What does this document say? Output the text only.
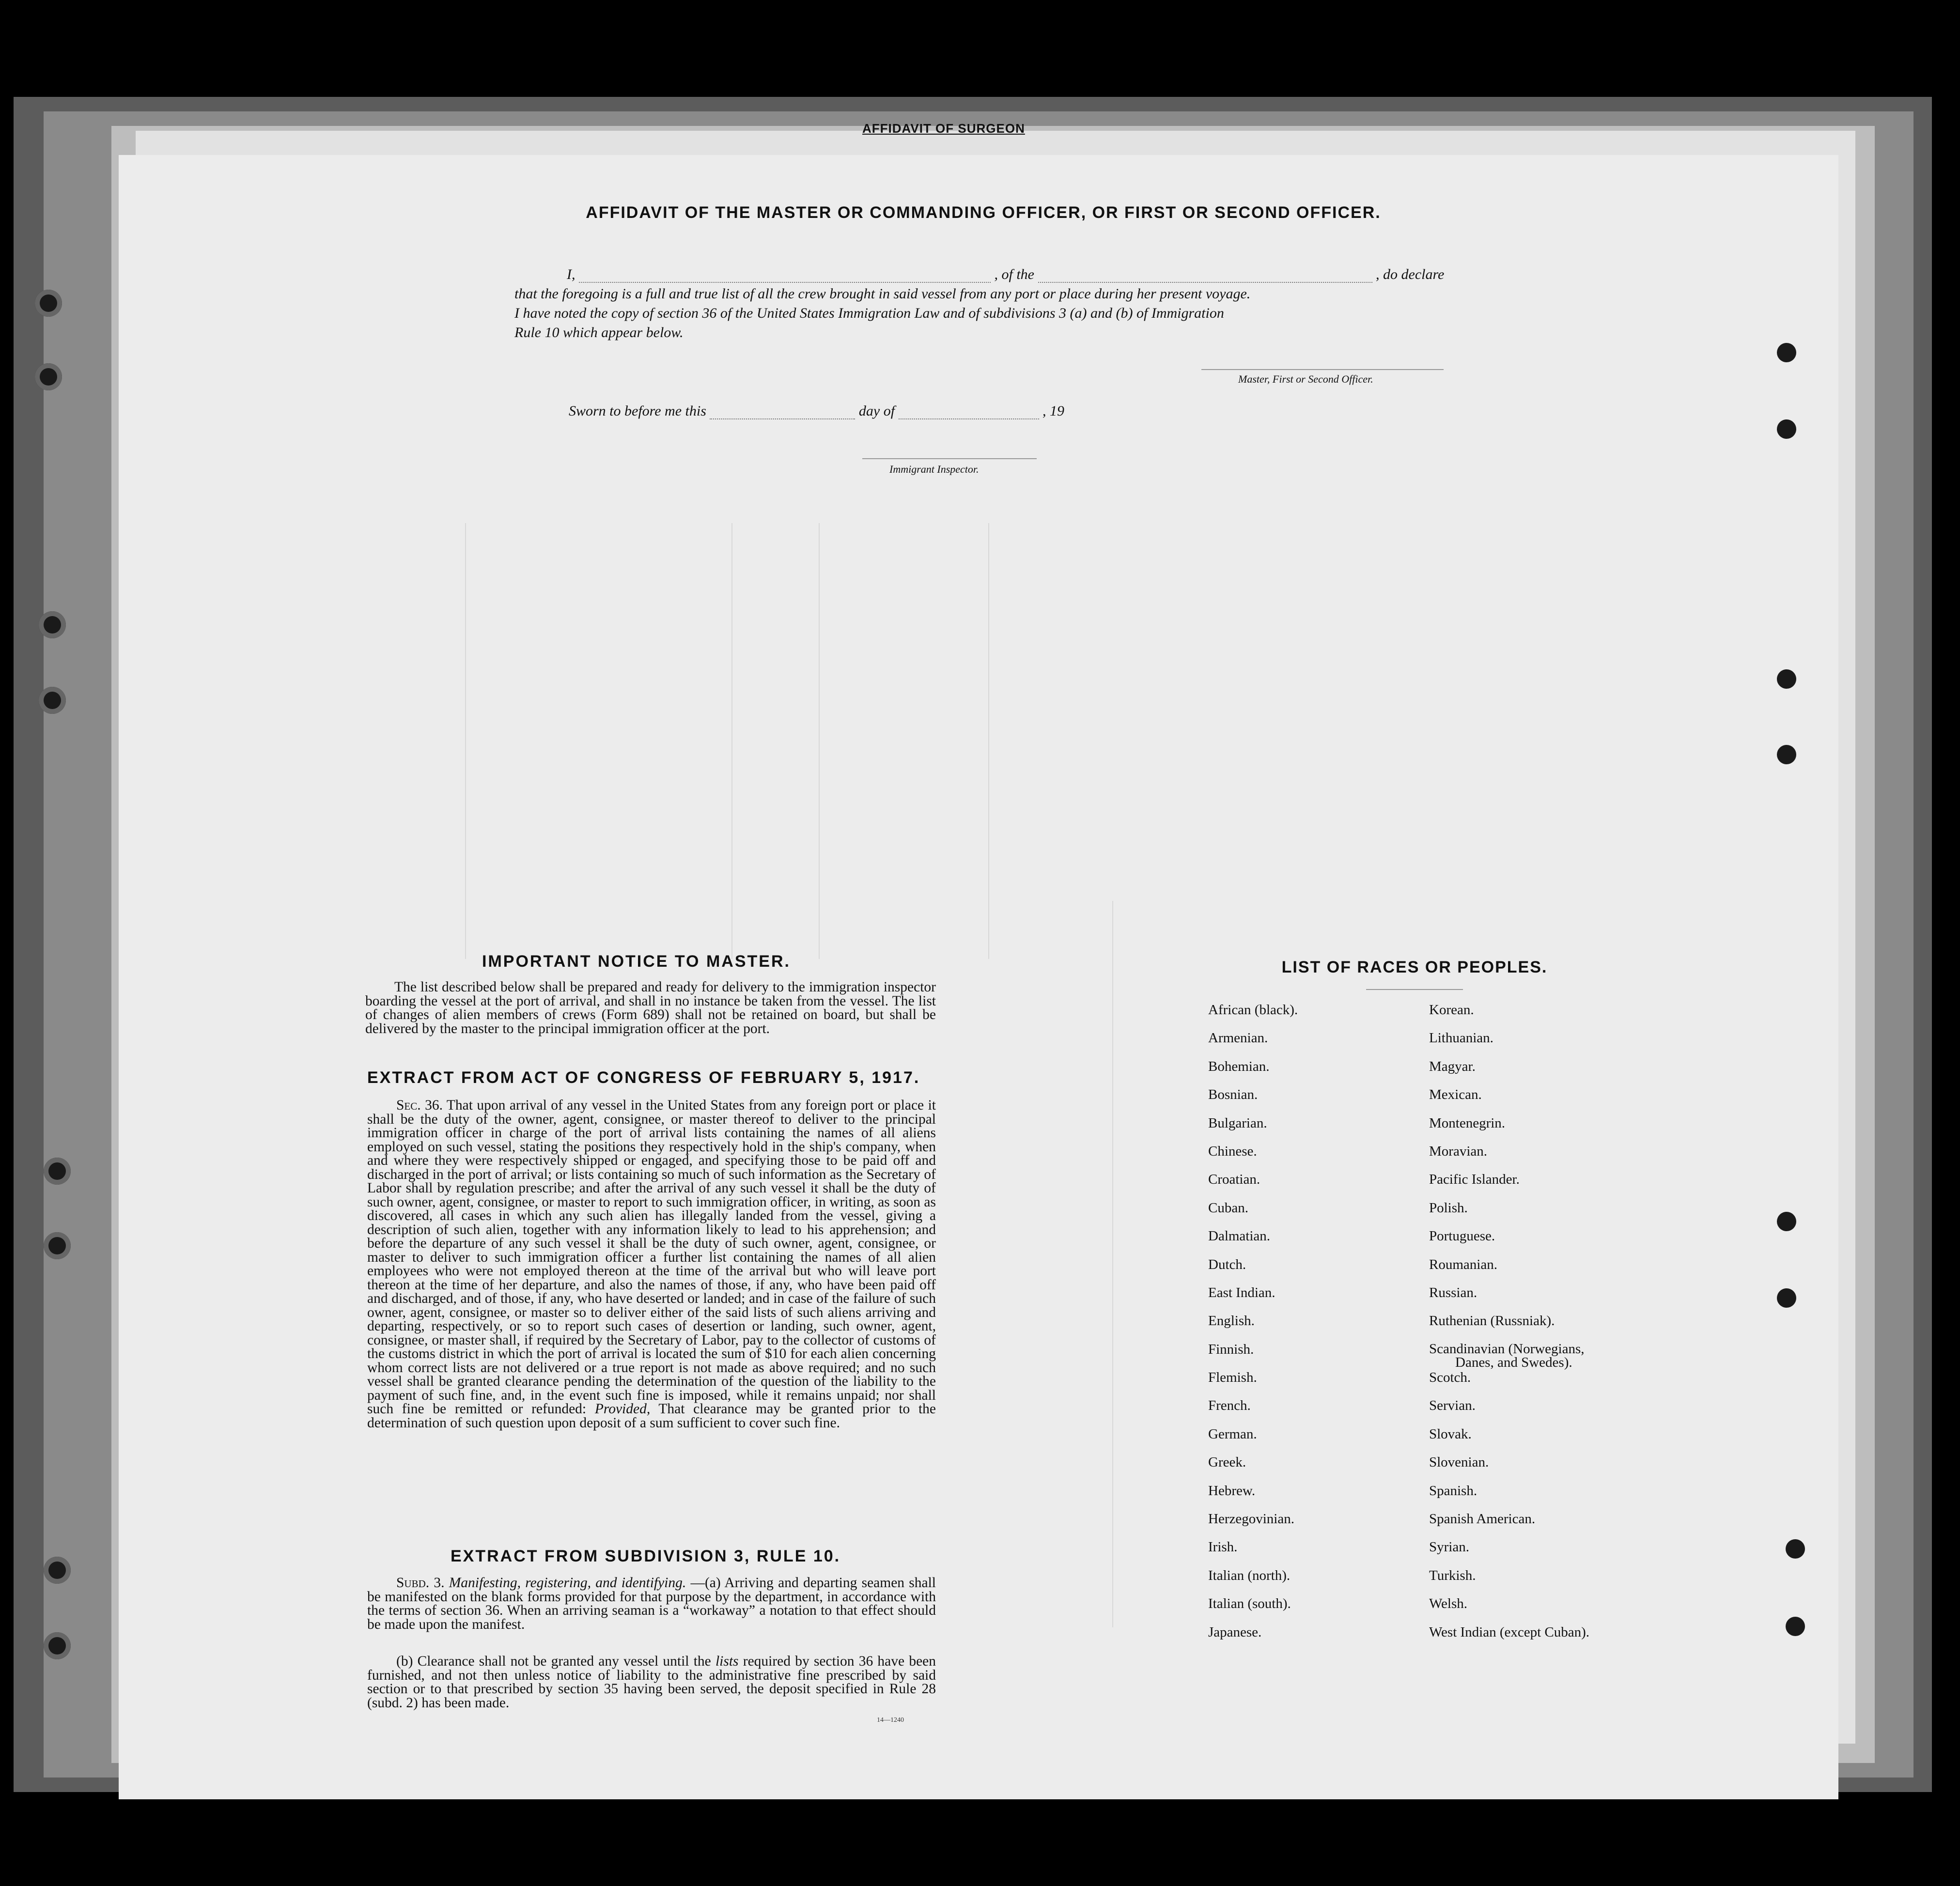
AFFIDAVIT OF SURGEON
AFFIDAVIT OF THE MASTER OR COMMANDING OFFICER, OR FIRST OR SECOND OFFICER.
I,	, of the	, do declare
that the foregoing is a full and true list of all the crew brought in said vessel from any port or place during her present voyage.
I have noted the copy of section 36 of the United States Immigration Law and of subdivisions 3 (a) and (b) of Immigration
Rule 10 which appear below.
Master, First or Second Officer.
Sworn to before me this	day of	, 19
Immigrant Inspector.
IMPORTANT NOTICE TO MASTER.
The list described below shall be prepared and ready for delivery to the immigration inspector boarding the vessel at the port of arrival, and shall in no instance be taken from the vessel. The list of changes of alien members of crews (Form 689) shall not be retained on board, but shall be delivered by the master to the principal immigration officer at the port.
EXTRACT FROM ACT OF CONGRESS OF FEBRUARY 5, 1917.
Sec. 36. That upon arrival of any vessel in the United States from any foreign port or place it shall be the duty of the owner, agent, consignee, or master thereof to deliver to the principal immigration officer in charge of the port of arrival lists containing the names of all aliens employed on such vessel, stating the positions they respectively hold in the ship's company, when and where they were respectively shipped or engaged, and specifying those to be paid off and discharged in the port of arrival; or lists containing so much of such information as the Secretary of Labor shall by regulation prescribe; and after the arrival of any such vessel it shall be the duty of such owner, agent, consignee, or master to report to such immigration officer, in writing, as soon as discovered, all cases in which any such alien has illegally landed from the vessel, giving a description of such alien, together with any information likely to lead to his apprehension; and before the departure of any such vessel it shall be the duty of such owner, agent, consignee, or master to deliver to such immigration officer a further list containing the names of all alien employees who were not employed thereon at the time of the arrival but who will leave port thereon at the time of her departure, and also the names of those, if any, who have been paid off and discharged, and of those, if any, who have deserted or landed; and in case of the failure of such owner, agent, consignee, or master so to deliver either of the said lists of such aliens arriving and departing, respectively, or so to report such cases of desertion or landing, such owner, agent, consignee, or master shall, if required by the Secretary of Labor, pay to the collector of customs of the customs district in which the port of arrival is located the sum of $10 for each alien concerning whom correct lists are not delivered or a true report is not made as above required; and no such vessel shall be granted clearance pending the determination of the question of the liability to the payment of such fine, and, in the event such fine is imposed, while it remains unpaid; nor shall such fine be remitted or refunded: Provided, That clearance may be granted prior to the determination of such question upon deposit of a sum sufficient to cover such fine.
EXTRACT FROM SUBDIVISION 3, RULE 10.
Subd. 3. Manifesting, registering, and identifying. —(a) Arriving and departing seamen shall be manifested on the blank forms provided for that purpose by the department, in accordance with the terms of section 36. When an arriving seaman is a “workaway” a notation to that effect should be made upon the manifest.
(b) Clearance shall not be granted any vessel until the lists required by section 36 have been furnished, and not then unless notice of liability to the administrative fine prescribed by said section or to that prescribed by section 35 having been served, the deposit specified in Rule 28 (subd. 2) has been made.
14—1240
LIST OF RACES OR PEOPLES.
African (black).
Armenian.
Bohemian.
Bosnian.
Bulgarian.
Chinese.
Croatian.
Cuban.
Dalmatian.
Dutch.
East Indian.
English.
Finnish.
Flemish.
French.
German.
Greek.
Hebrew.
Herzegovinian.
Irish.
Italian (north).
Italian (south).
Japanese.
Korean.
Lithuanian.
Magyar.
Mexican.
Montenegrin.
Moravian.
Pacific Islander.
Polish.
Portuguese.
Roumanian.
Russian.
Ruthenian (Russniak).
Scandinavian (Norwegians,
Danes, and Swedes).
Scotch.
Servian.
Slovak.
Slovenian.
Spanish.
Spanish American.
Syrian.
Turkish.
Welsh.
West Indian (except Cuban).
